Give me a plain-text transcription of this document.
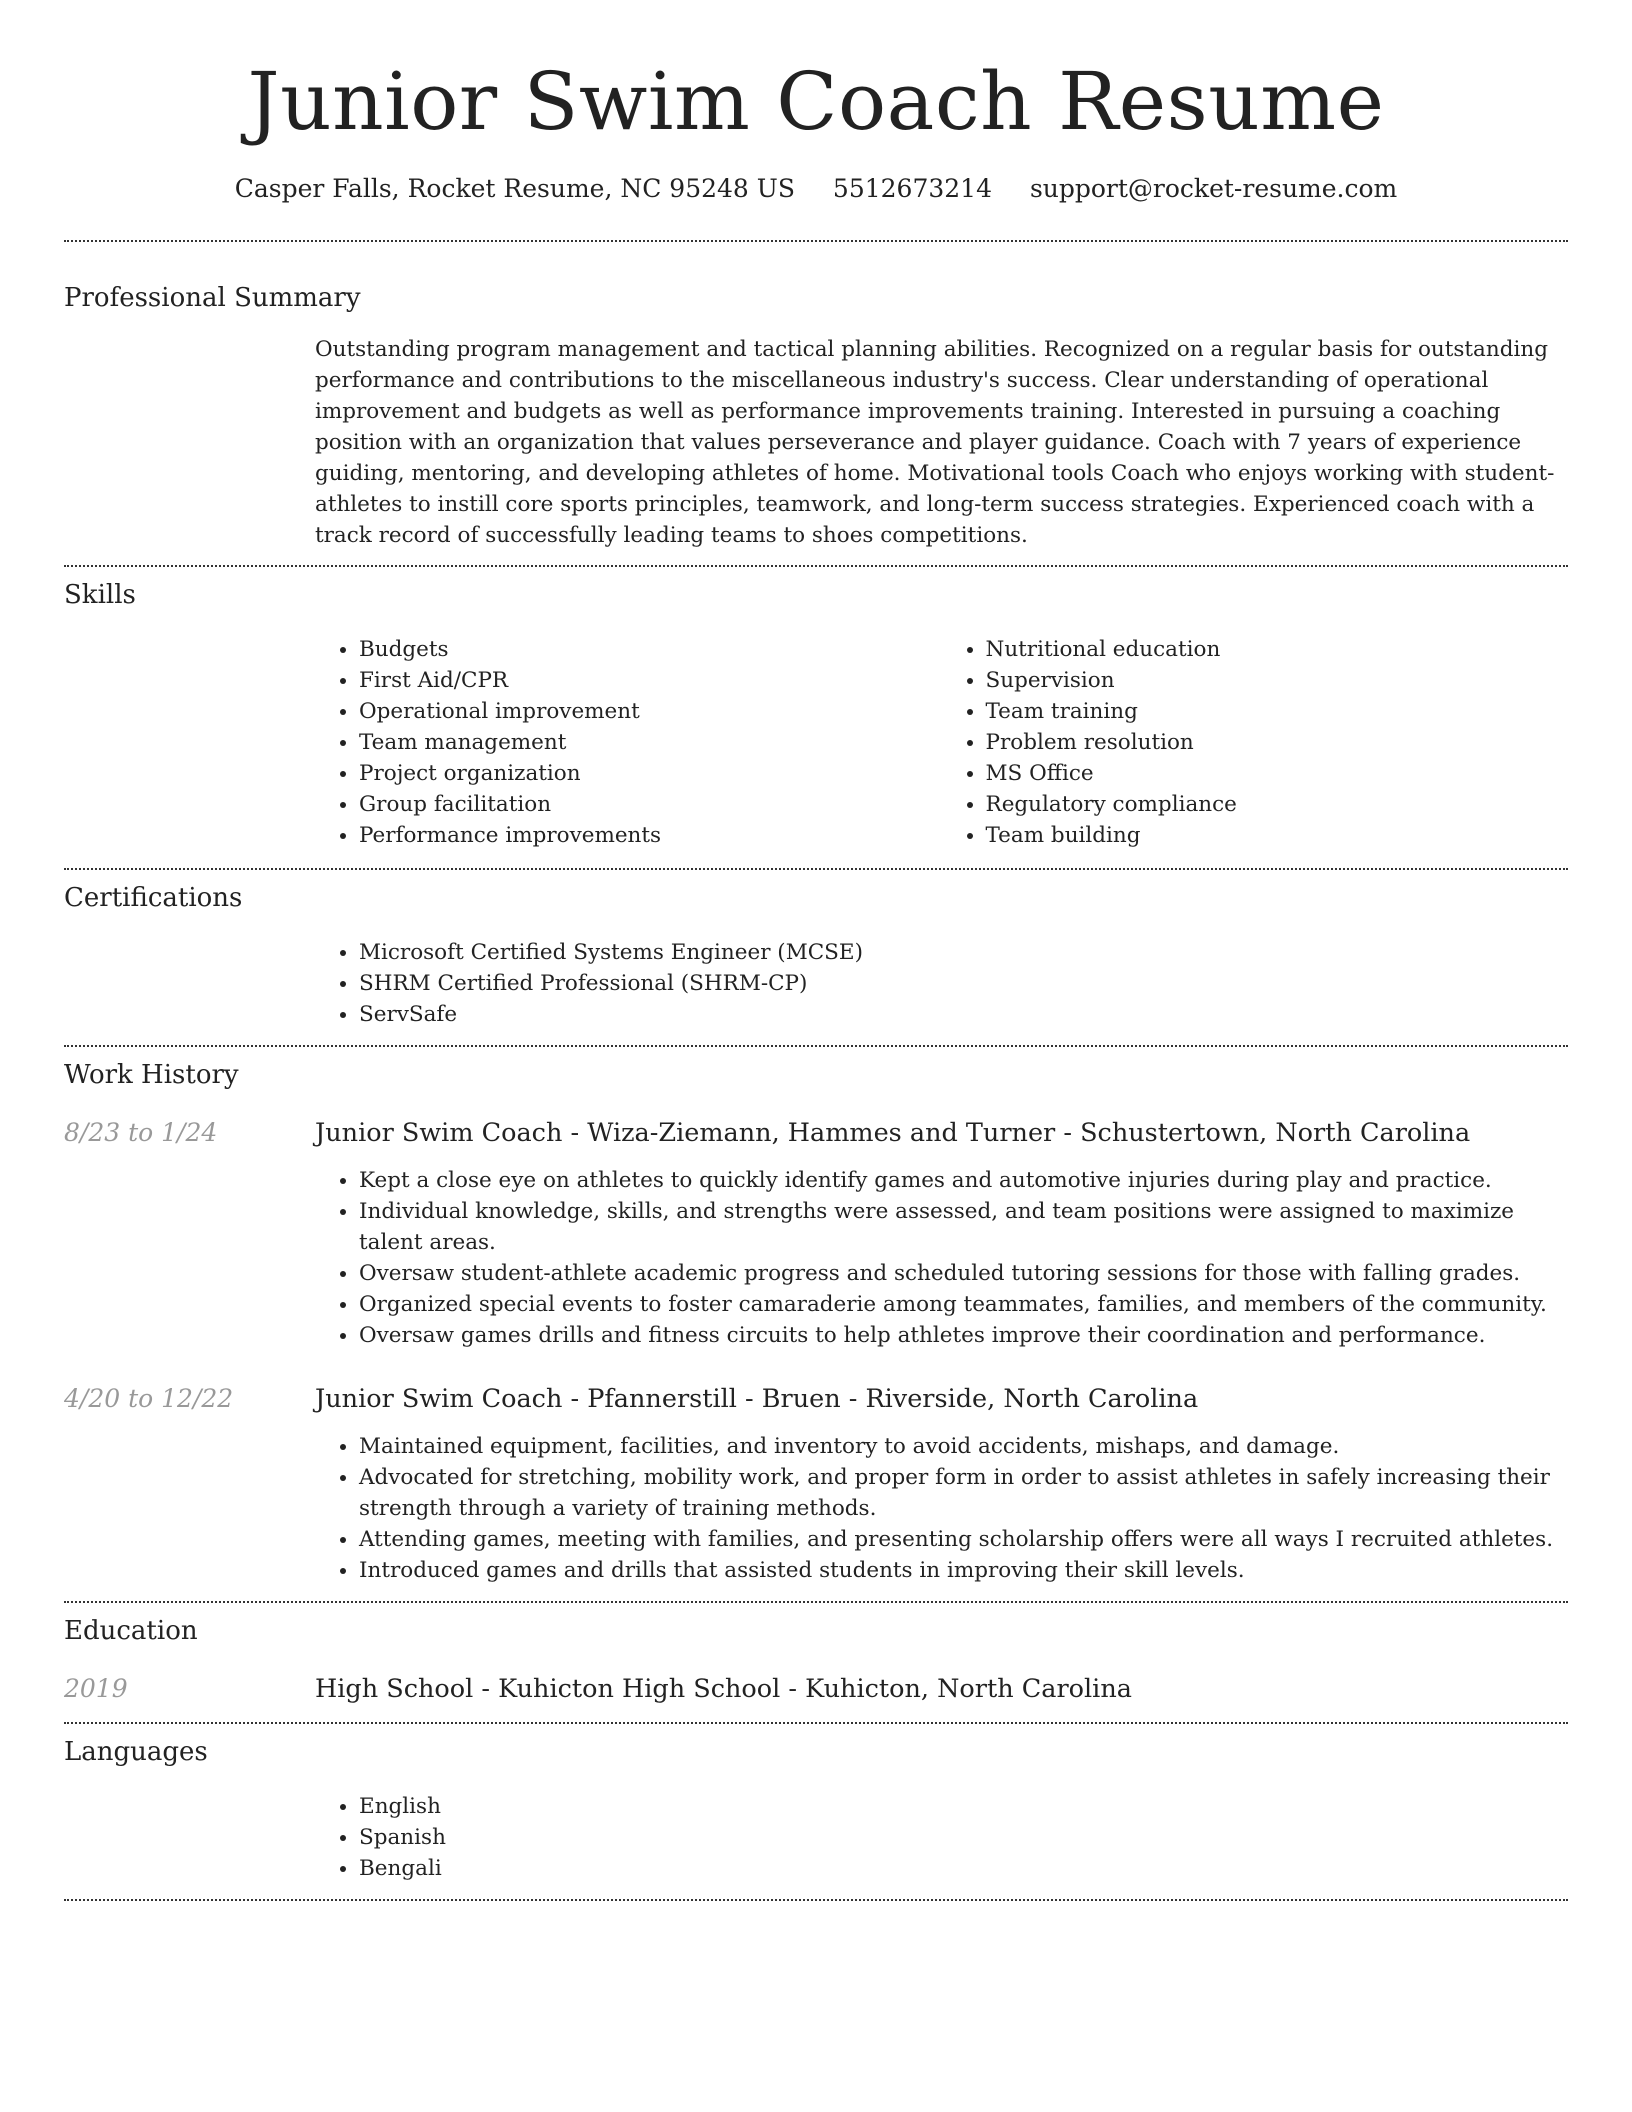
Junior Swim Coach Resume
Casper Falls, Rocket Resume, NC 95248 US 5512673214 support@rocket-resume.com
Professional Summary

Outstanding program management and tactical planning abilities. Recognized on a regular basis for outstanding performance and contributions to the miscellaneous industry's success. Clear understanding of operational improvement and budgets as well as performance improvements training. Interested in pursuing a coaching position with an organization that values perseverance and player guidance. Coach with 7 years of experience guiding, mentoring, and developing athletes of home. Motivational tools Coach who enjoys working with student-athletes to instill core sports principles, teamwork, and long-term success strategies. Experienced coach with a track record of successfully leading teams to shoes competitions.

Skills
• Budgets
• First Aid/CPR
• Operational improvement
• Team management
• Project organization
• Group facilitation
• Performance improvements
• Nutritional education
• Supervision
• Team training
• Problem resolution
• MS Office
• Regulatory compliance
• Team building
Certifications
• Microsoft Certified Systems Engineer (MCSE)
• SHRM Certified Professional (SHRM-CP)
• ServSafe
Work History
8/23 to 1/24	Junior Swim Coach - Wiza-Ziemann, Hammes and Turner - Schustertown, North Carolina
• Kept a close eye on athletes to quickly identify games and automotive injuries during play and practice.
• Individual knowledge, skills, and strengths were assessed, and team positions were assigned to maximize talent areas.
• Oversaw student-athlete academic progress and scheduled tutoring sessions for those with falling grades.
• Organized special events to foster camaraderie among teammates, families, and members of the community.
• Oversaw games drills and fitness circuits to help athletes improve their coordination and performance.
4/20 to 12/22	Junior Swim Coach - Pfannerstill - Bruen - Riverside, North Carolina
• Maintained equipment, facilities, and inventory to avoid accidents, mishaps, and damage.
• Advocated for stretching, mobility work, and proper form in order to assist athletes in safely increasing their strength through a variety of training methods.
• Attending games, meeting with families, and presenting scholarship offers were all ways I recruited athletes.
• Introduced games and drills that assisted students in improving their skill levels.
Education
2019	High School - Kuhicton High School - Kuhicton, North Carolina
Languages
• English
• Spanish
• Bengali
